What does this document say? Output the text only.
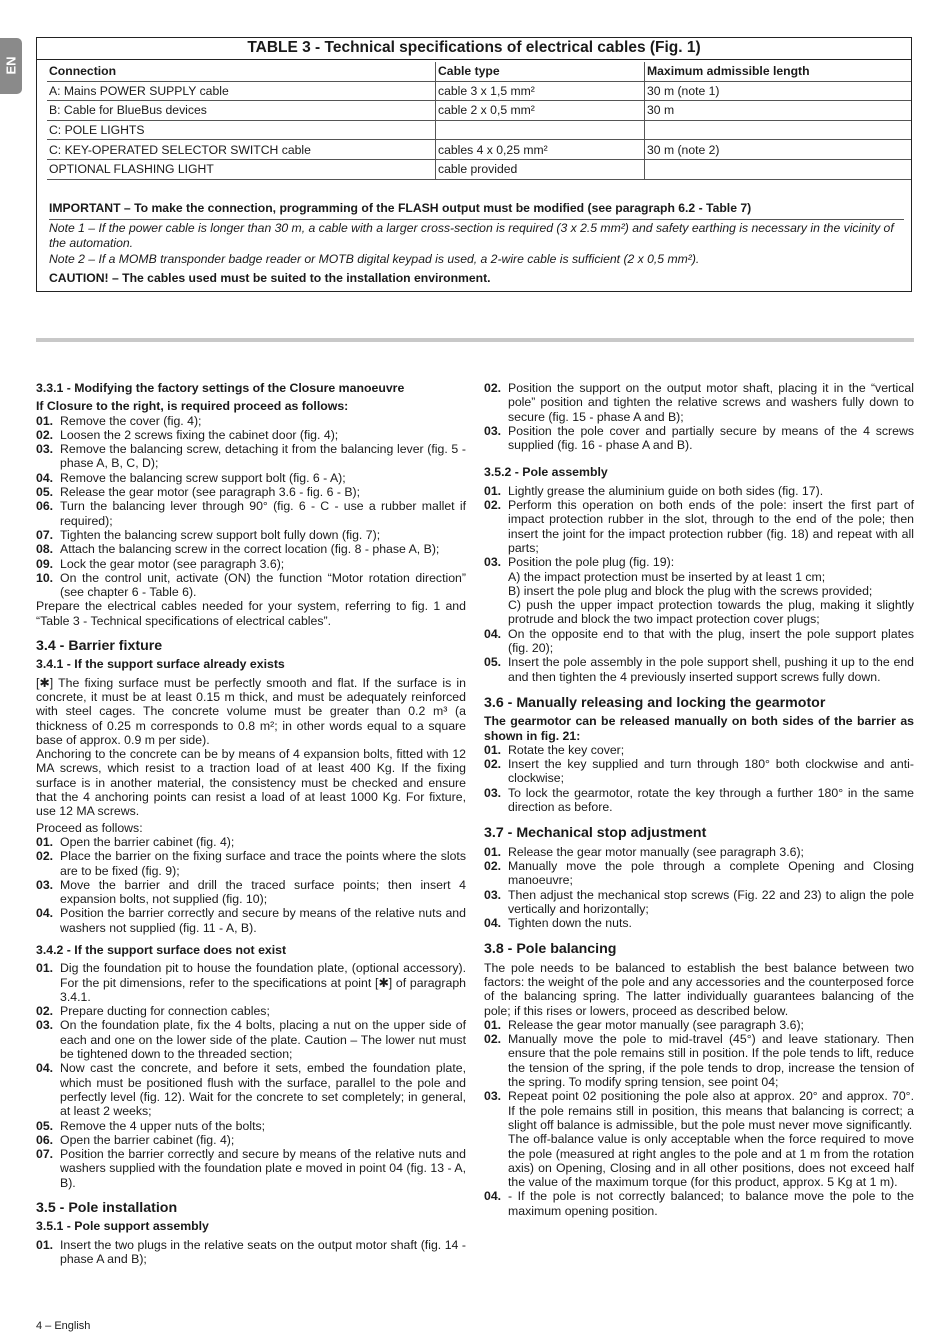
EN
TABLE 3 - Technical specifications of electrical cables (Fig. 1)
Connection	Cable type	Maximum admissible length
A: Mains POWER SUPPLY cable	cable 3 x 1,5 mm²	30 m (note 1)
B: Cable for BlueBus devices	cable 2 x 0,5 mm²	30 m
C: POLE LIGHTS		
C: KEY-OPERATED SELECTOR SWITCH cable	cables 4 x 0,25 mm²	30 m (note 2)
OPTIONAL FLASHING LIGHT	cable provided	
IMPORTANT – To make the connection, programming of the FLASH output must be modified (see paragraph 6.2 - Table 7)
Note 1 – If the power cable is longer than 30 m, a cable with a larger cross-section is required (3 x 2.5 mm²) and safety earthing is necessary in the vicinity of the automation.
Note 2 – If a MOMB transponder badge reader or MOTB digital keypad is used, a 2-wire cable is sufficient (2 x 0,5 mm²).
CAUTION! – The cables used must be suited to the installation environment.

3.3.1 - Modifying the factory settings of the Closure manoeuvre

If Closure to the right, is required proceed as follows:

01. Remove the cover (fig. 4);
02. Loosen the 2 screws fixing the cabinet door (fig. 4);
03. Remove the balancing screw, detaching it from the balancing lever (fig. 5 - phase A, B, C, D);
04. Remove the balancing screw support bolt (fig. 6 - A);
05. Release the gear motor (see paragraph 3.6 - fig. 6 - B);
06. Turn the balancing lever through 90° (fig. 6 - C - use a rubber mallet if required);
07. Tighten the balancing screw support bolt fully down (fig. 7);
08. Attach the balancing screw in the correct location (fig. 8 - phase A, B);
09. Lock the gear motor (see paragraph 3.6);
10. On the control unit, activate (ON) the function “Motor rotation direction” (see chapter 6 - Table 6).

Prepare the electrical cables needed for your system, referring to fig. 1 and “Table 3 - Technical specifications of electrical cables”.

3.4 - Barrier fixture

3.4.1 - If the support surface already exists

[✱] The fixing surface must be perfectly smooth and flat. If the surface is in concrete, it must be at least 0.15 m thick, and must be adequately reinforced with steel cages. The concrete volume must be greater than 0.2 m³ (a thickness of 0.25 m corresponds to 0.8 m²; in other words equal to a square base of approx. 0.9 m per side).

Anchoring to the concrete can be by means of 4 expansion bolts, fitted with 12 MA screws, which resist to a traction load of at least 400 Kg. If the fixing surface is in another material, the consistency must be checked and ensure that the 4 anchoring points can resist a load of at least 1000 Kg. For fixture, use 12 MA screws.

Proceed as follows:

01. Open the barrier cabinet (fig. 4);
02. Place the barrier on the fixing surface and trace the points where the slots are to be fixed (fig. 9);
03. Move the barrier and drill the traced surface points; then insert 4 expansion bolts, not supplied (fig. 10);
04. Position the barrier correctly and secure by means of the relative nuts and washers not supplied (fig. 11 - A, B).

3.4.2 - If the support surface does not exist

01. Dig the foundation pit to house the foundation plate, (optional accessory). For the pit dimensions, refer to the specifications at point [✱] of paragraph 3.4.1.
02. Prepare ducting for connection cables;
03. On the foundation plate, fix the 4 bolts, placing a nut on the upper side of each and one on the lower side of the plate. Caution – The lower nut must be tightened down to the threaded section;
04. Now cast the concrete, and before it sets, embed the foundation plate, which must be positioned flush with the surface, parallel to the pole and perfectly level (fig. 12). Wait for the concrete to set completely; in general, at least 2 weeks;
05. Remove the 4 upper nuts of the bolts;
06. Open the barrier cabinet (fig. 4);
07. Position the barrier correctly and secure by means of the relative nuts and washers supplied with the foundation plate e moved in point 04 (fig. 13 - A, B).

3.5 - Pole installation

3.5.1 - Pole support assembly

01. Insert the two plugs in the relative seats on the output motor shaft (fig. 14 - phase A and B);
02. Position the support on the output motor shaft, placing it in the “vertical pole” position and tighten the relative screws and washers fully down to secure (fig. 15 - phase A and B);
03. Position the pole cover and partially secure by means of the 4 screws supplied (fig. 16 - phase A and B).

3.5.2 - Pole assembly

01. Lightly grease the aluminium guide on both sides (fig. 17).
02. Perform this operation on both ends of the pole: insert the first part of impact protection rubber in the slot, through to the end of the pole; then insert the joint for the impact protection rubber (fig. 18) and repeat with all parts;
03. Position the pole plug (fig. 19):

A) the impact protection must be inserted by at least 1 cm;

B) insert the pole plug and block the plug with the screws provided;

C) push the upper impact protection towards the plug, making it slightly protrude and block the two impact protection cover plugs;

04. On the opposite end to that with the plug, insert the pole support plates (fig. 20);
05. Insert the pole assembly in the pole support shell, pushing it up to the end and then tighten the 4 previously inserted support screws fully down.

3.6 - Manually releasing and locking the gearmotor

The gearmotor can be released manually on both sides of the barrier as shown in fig. 21:

01. Rotate the key cover;
02. Insert the key supplied and turn through 180° both clockwise and anti-clockwise;
03. To lock the gearmotor, rotate the key through a further 180° in the same direction as before.

3.7 - Mechanical stop adjustment

01. Release the gear motor manually (see paragraph 3.6);
02. Manually move the pole through a complete Opening and Closing manoeuvre;
03. Then adjust the mechanical stop screws (Fig. 22 and 23) to align the pole vertically and horizontally;
04. Tighten down the nuts.

3.8 - Pole balancing

The pole needs to be balanced to establish the best balance between two factors: the weight of the pole and any accessories and the counterposed force of the balancing spring. The latter individually guarantees balancing of the pole; if this rises or lowers, proceed as described below.

01. Release the gear motor manually (see paragraph 3.6);
02. Manually move the pole to mid-travel (45°) and leave stationary. Then ensure that the pole remains still in position. If the pole tends to lift, reduce the tension of the spring, if the pole tends to drop, increase the tension of the spring. To modify spring tension, see point 04;
03. Repeat point 02 positioning the pole also at approx. 20° and approx. 70°. If the pole remains still in position, this means that balancing is correct; a slight off balance is admissible, but the pole must never move significantly.

The off-balance value is only acceptable when the force required to move the pole (measured at right angles to the pole and at 1 m from the rotation axis) on Opening, Closing and in all other positions, does not exceed half the value of the maximum torque (for this product, approx. 5 Kg at 1 m).

04. - If the pole is not correctly balanced; to balance move the pole to the maximum opening position.
4 – English
